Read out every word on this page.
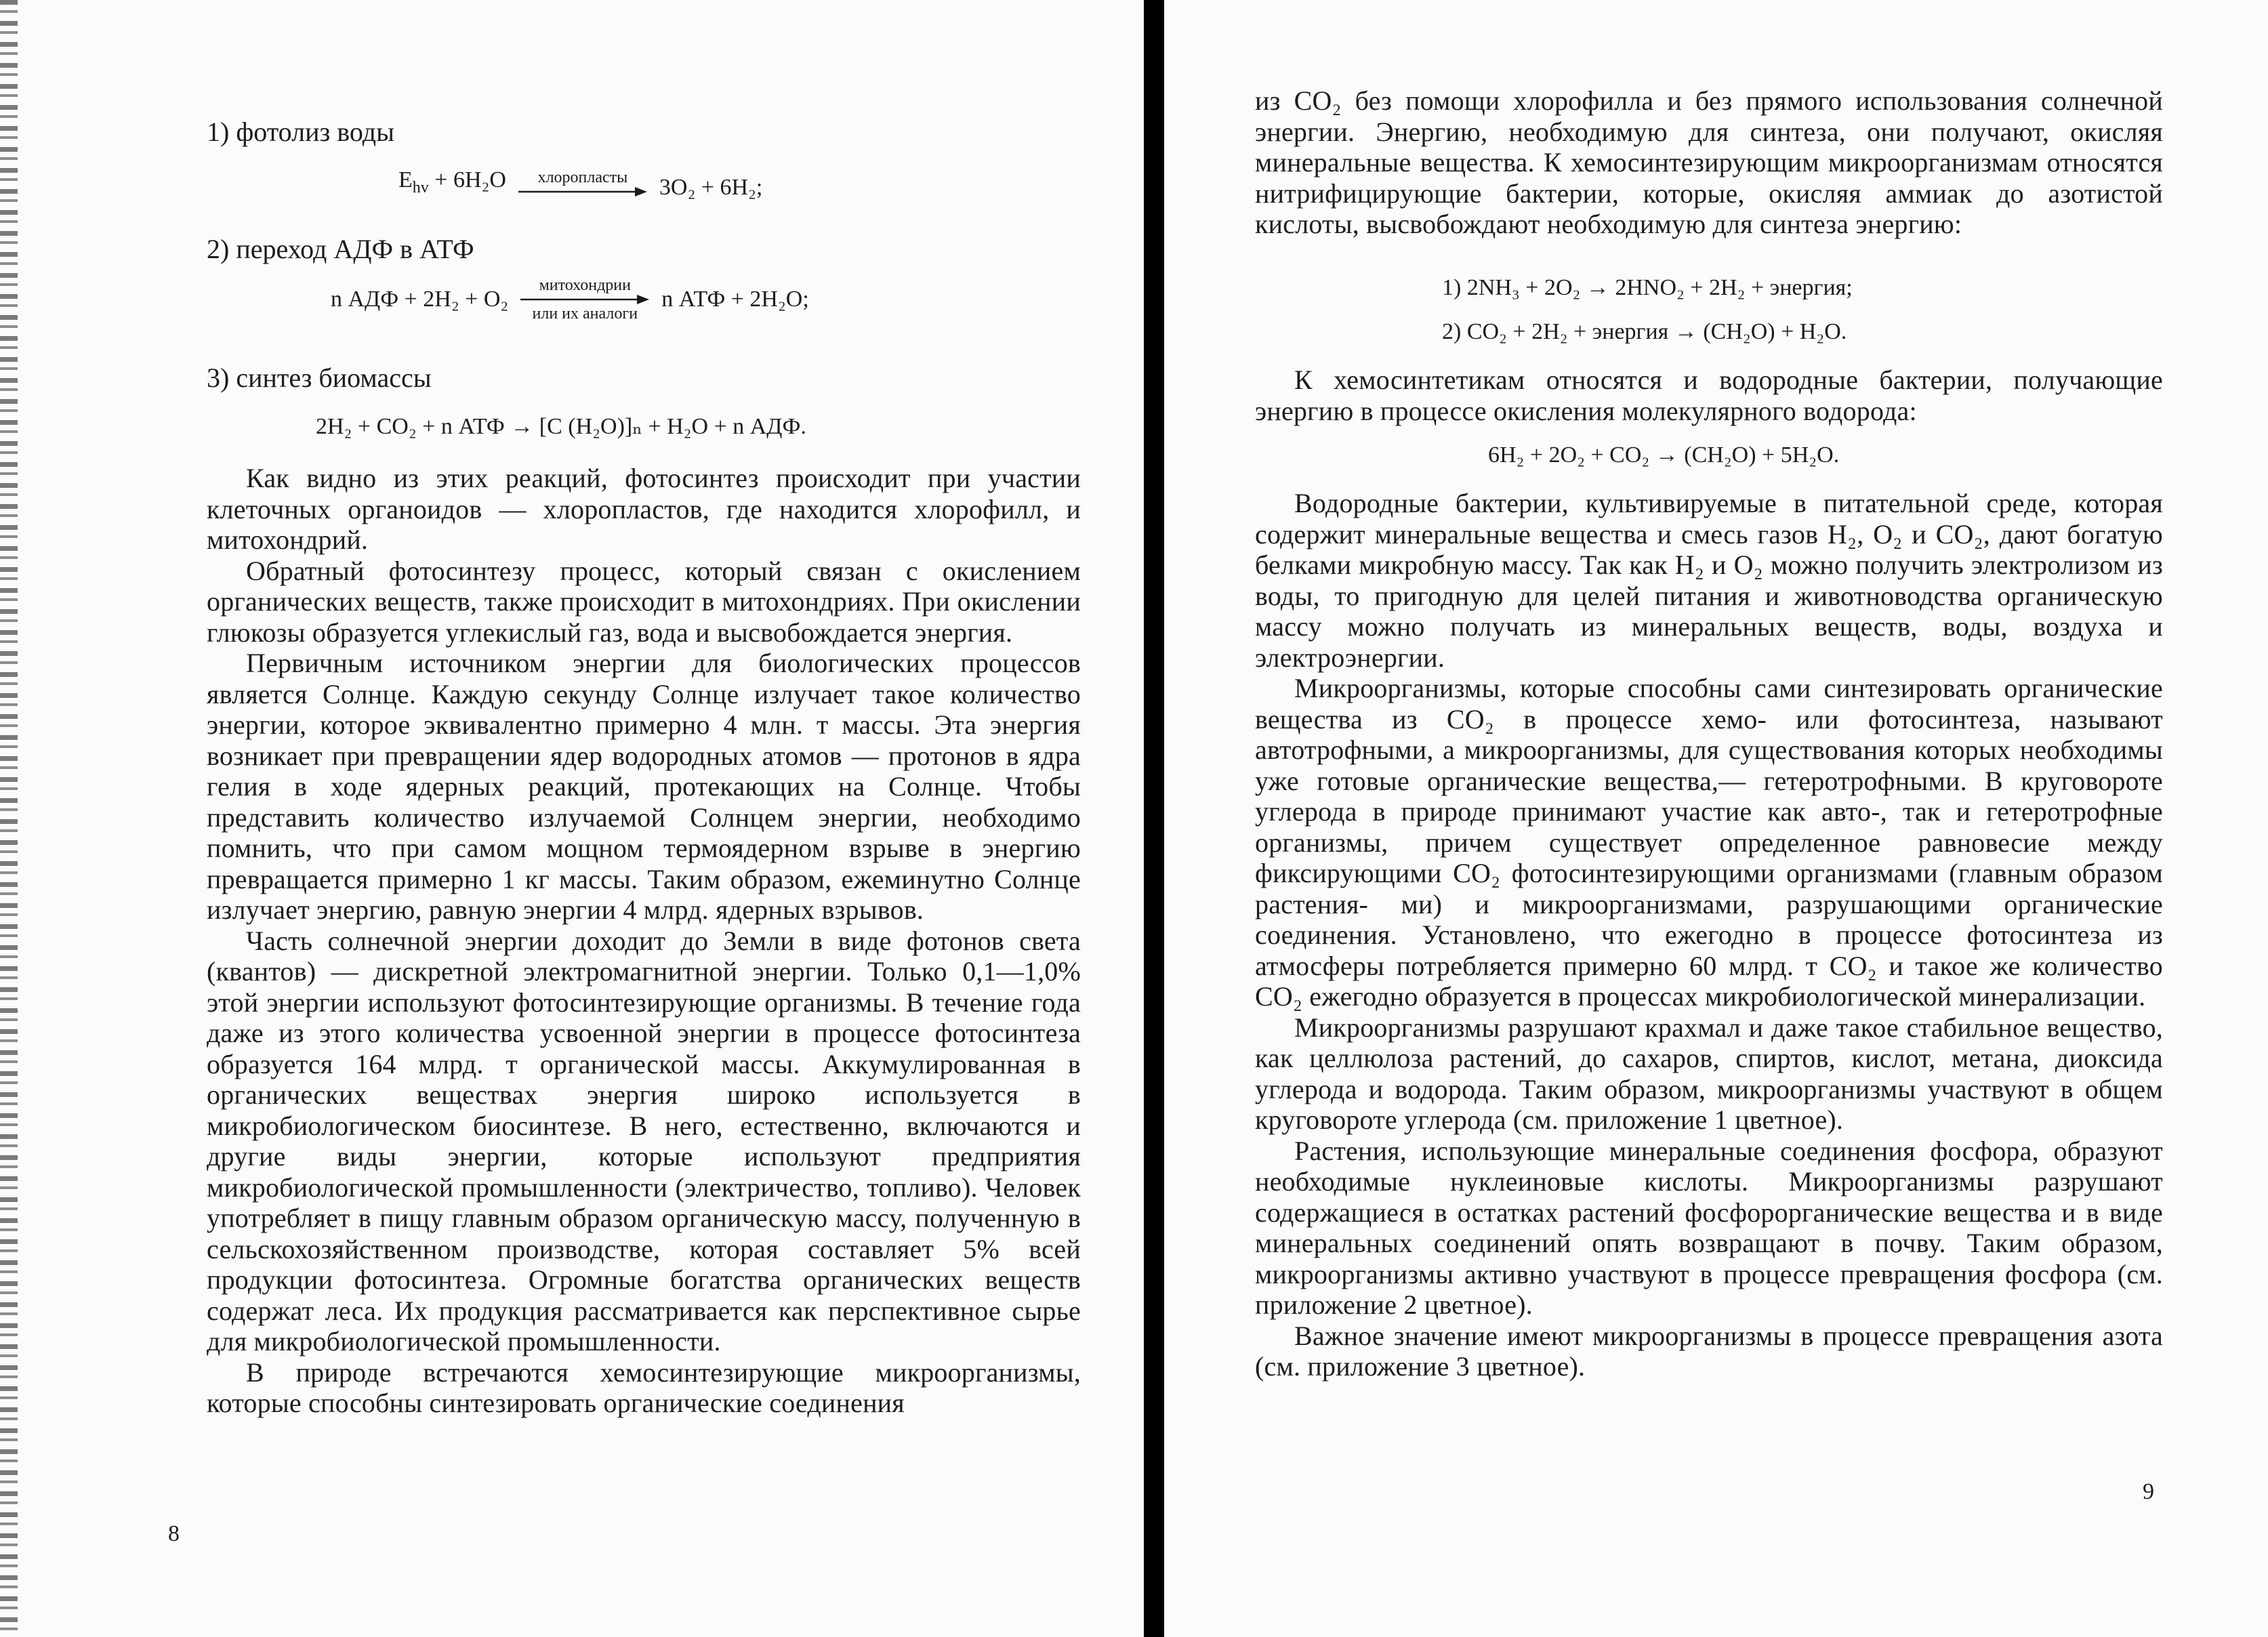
1) фотолиз воды
$E_{hv} + 6H_2O$ хлоропласты 3O₂ + 6H₂;
2) переход АДФ в АТФ
n АДФ + 2H₂ + O₂
митохондрии
или их аналоги
n АТФ + 2H₂O;
3) синтез биомассы
2H₂ + CO₂ + n АТФ → [C (H₂O)]ₙ + H₂O + n АДФ.

Как видно из этих реакций, фотосинтез происходит при участии клеточных органоидов — хлоропластов, где находится хлорофилл, и митохондрий.

Обратный фотосинтезу процесс, который связан с окислением органических веществ, также происходит в митохондриях. При окислении глюкозы образуется углекислый газ, вода и высвобождается энергия.

Первичным источником энергии для биологических процессов является Солнце. Каждую секунду Солнце излучает такое количество энергии, которое эквивалентно примерно 4 млн. т массы. Эта энергия возникает при превращении ядер водородных атомов — протонов в ядра гелия в ходе ядерных реакций, протекающих на Солнце. Чтобы представить количество излучаемой Солнцем энергии, необходимо помнить, что при самом мощном термоядерном взрыве в энергию превращается примерно 1 кг массы. Таким образом, ежеминутно Солнце излучает энергию, равную энергии 4 млрд. ядерных взрывов.

Часть солнечной энергии доходит до Земли в виде фотонов света (квантов) — дискретной электромагнитной энергии. Только 0,1—1,0% этой энергии используют фотосинтезирующие организмы. В течение года даже из этого количества усвоенной энергии в процессе фотосинтеза образуется 164 млрд. т органической массы. Аккумулированная в органических веществах энергия широко используется в микробиологическом биосинтезе. В него, естественно, включаются и другие виды энергии, которые используют предприятия микробиологической промышленности (электричество, топливо). Человек употребляет в пищу главным образом органическую массу, полученную в сельскохозяйственном производстве, которая составляет 5% всей продукции фотосинтеза. Огромные богатства органических веществ содержат леса. Их продукция рассматривается как перспективное сырье для микробиологической промышленности.

В природе встречаются хемосинтезирующие микроорганизмы, которые способны синтезировать органические соединения

8

из CO₂ без помощи хлорофилла и без прямого использования солнечной энергии. Энергию, необходимую для синтеза, они получают, окисляя минеральные вещества. К хемосинтезирующим микроорганизмам относятся нитрифицирующие бактерии, которые, окисляя аммиак до азотистой кислоты, высвобождают необходимую для синтеза энергию:

1) 2NH₃ + 2O₂ → 2HNO₂ + 2H₂ + энергия;
2) CO₂ + 2H₂ + энергия → (CH₂O) + H₂O.

К хемосинтетикам относятся и водородные бактерии, получающие энергию в процессе окисления молекулярного водорода:

6H₂ + 2O₂ + CO₂ → (CH₂O) + 5H₂O.

Водородные бактерии, культивируемые в питательной среде, которая содержит минеральные вещества и смесь газов H₂, O₂ и CO₂, дают богатую белками микробную массу. Так как H₂ и O₂ можно получить электролизом из воды, то пригодную для целей питания и животноводства органическую массу можно получать из минеральных веществ, воды, воздуха и электроэнергии.

Микроорганизмы, которые способны сами синтезировать органические вещества из CO₂ в процессе хемо- или фотосинтеза, называют автотрофными, а микроорганизмы, для существования которых необходимы уже готовые органические вещества,— гетеротрофными. В круговороте углерода в природе принимают участие как авто-, так и гетеротрофные организмы, причем существует определенное равновесие между фиксирующими CO₂ фотосинтезирующими организмами (главным образом растения- ми) и микроорганизмами, разрушающими органические соединения. Установлено, что ежегодно в процессе фотосинтеза из атмосферы потребляется примерно 60 млрд. т CO₂ и такое же количество CO₂ ежегодно образуется в процессах микробиологической минерализации.

Микроорганизмы разрушают крахмал и даже такое стабильное вещество, как целлюлоза растений, до сахаров, спиртов, кислот, метана, диоксида углерода и водорода. Таким образом, микроорганизмы участвуют в общем круговороте углерода (см. приложение 1 цветное).

Растения, использующие минеральные соединения фосфора, образуют необходимые нуклеиновые кислоты. Микроорганизмы разрушают содержащиеся в остатках растений фосфорорганические вещества и в виде минеральных соединений опять возвращают в почву. Таким образом, микроорганизмы активно участвуют в процессе превращения фосфора (см. приложение 2 цветное).

Важное значение имеют микроорганизмы в процессе превращения азота (см. приложение 3 цветное).

9
